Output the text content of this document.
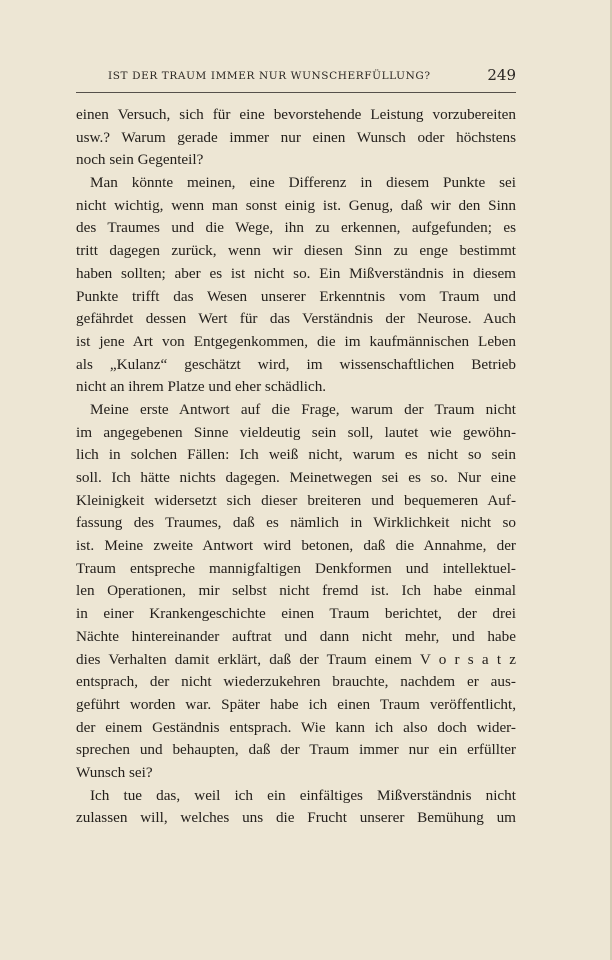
IST DER TRAUM IMMER NUR WUNSCHERFÜLLUNG?	249
einen Versuch, sich für eine bevorstehende Leistung vorzubereiten
usw.? Warum gerade immer nur einen Wunsch oder höchstens
noch sein Gegenteil?
Man könnte meinen, eine Differenz in diesem Punkte sei
nicht wichtig, wenn man sonst einig ist. Genug, daß wir den Sinn
des Traumes und die Wege, ihn zu erkennen, aufgefunden; es
tritt dagegen zurück, wenn wir diesen Sinn zu enge bestimmt
haben sollten; aber es ist nicht so. Ein Mißverständnis in diesem
Punkte trifft das Wesen unserer Erkenntnis vom Traum und
gefährdet dessen Wert für das Verständnis der Neurose. Auch
ist jene Art von Entgegenkommen, die im kaufmännischen Leben
als „Kulanz“ geschätzt wird, im wissenschaftlichen Betrieb
nicht an ihrem Platze und eher schädlich.
Meine erste Antwort auf die Frage, warum der Traum nicht
im angegebenen Sinne vieldeutig sein soll, lautet wie gewöhn-
lich in solchen Fällen: Ich weiß nicht, warum es nicht so sein
soll. Ich hätte nichts dagegen. Meinetwegen sei es so. Nur eine
Kleinigkeit widersetzt sich dieser breiteren und bequemeren Auf-
fassung des Traumes, daß es nämlich in Wirklichkeit nicht so
ist. Meine zweite Antwort wird betonen, daß die Annahme, der
Traum entspreche mannigfaltigen Denkformen und intellektuel-
len Operationen, mir selbst nicht fremd ist. Ich habe einmal
in einer Krankengeschichte einen Traum berichtet, der drei
Nächte hintereinander auftrat und dann nicht mehr, und habe
dies Verhalten damit erklärt, daß der Traum einem V o r s a t z
entsprach, der nicht wiederzukehren brauchte, nachdem er aus-
geführt worden war. Später habe ich einen Traum veröffentlicht,
der einem Geständnis entsprach. Wie kann ich also doch wider-
sprechen und behaupten, daß der Traum immer nur ein erfüllter
Wunsch sei?
Ich tue das, weil ich ein einfältiges Mißverständnis nicht
zulassen will, welches uns die Frucht unserer Bemühung um
